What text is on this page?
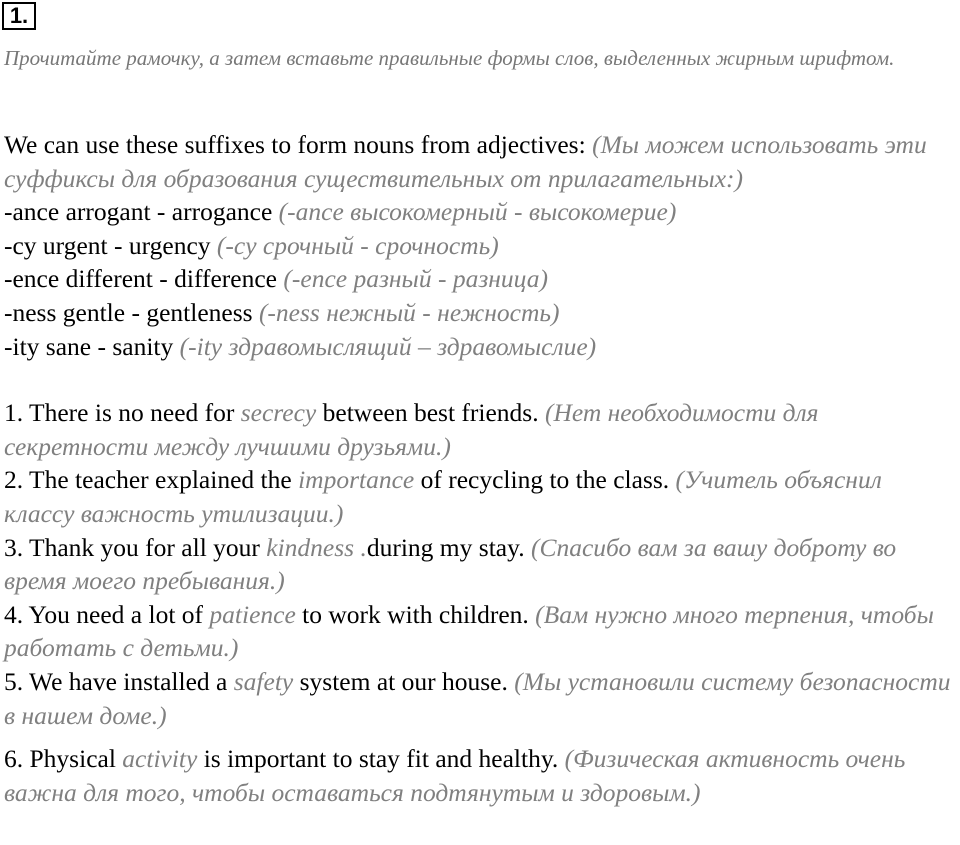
1.
Прочитайте рамочку, а затем вставьте правильные формы слов, выделенных жирным шрифтом.

We can use these suffixes to form nouns from adjectives: (Мы можем использовать эти суффиксы для образования существительных от прилагательных:)

-ance arrogant - arrogance (-ance высокомерный - высокомерие)

-cy urgent - urgency (-cy срочный - срочность)

-ence different - difference (-ence разный - разница)

-ness gentle - gentleness (-ness нежный - нежность)

-ity sane - sanity (-ity здравомыслящий – здравомыслие)

1. There is no need for secrecy between best friends. (Нет необходимости для секретности между лучшими друзьями.)

2. The teacher explained the importance of recycling to the class. (Учитель объяснил классу важность утилизации.)

3. Thank you for all your kindness .during my stay. (Спасибо вам за вашу доброту во время моего пребывания.)

4. You need a lot of patience to work with children. (Вам нужно много терпения, чтобы работать с детьми.)

5. We have installed a safety system at our house. (Мы установили систему безопасности в нашем доме.)

6. Physical activity is important to stay fit and healthy. (Физическая активность очень важна для того, чтобы оставаться подтянутым и здоровым.)
